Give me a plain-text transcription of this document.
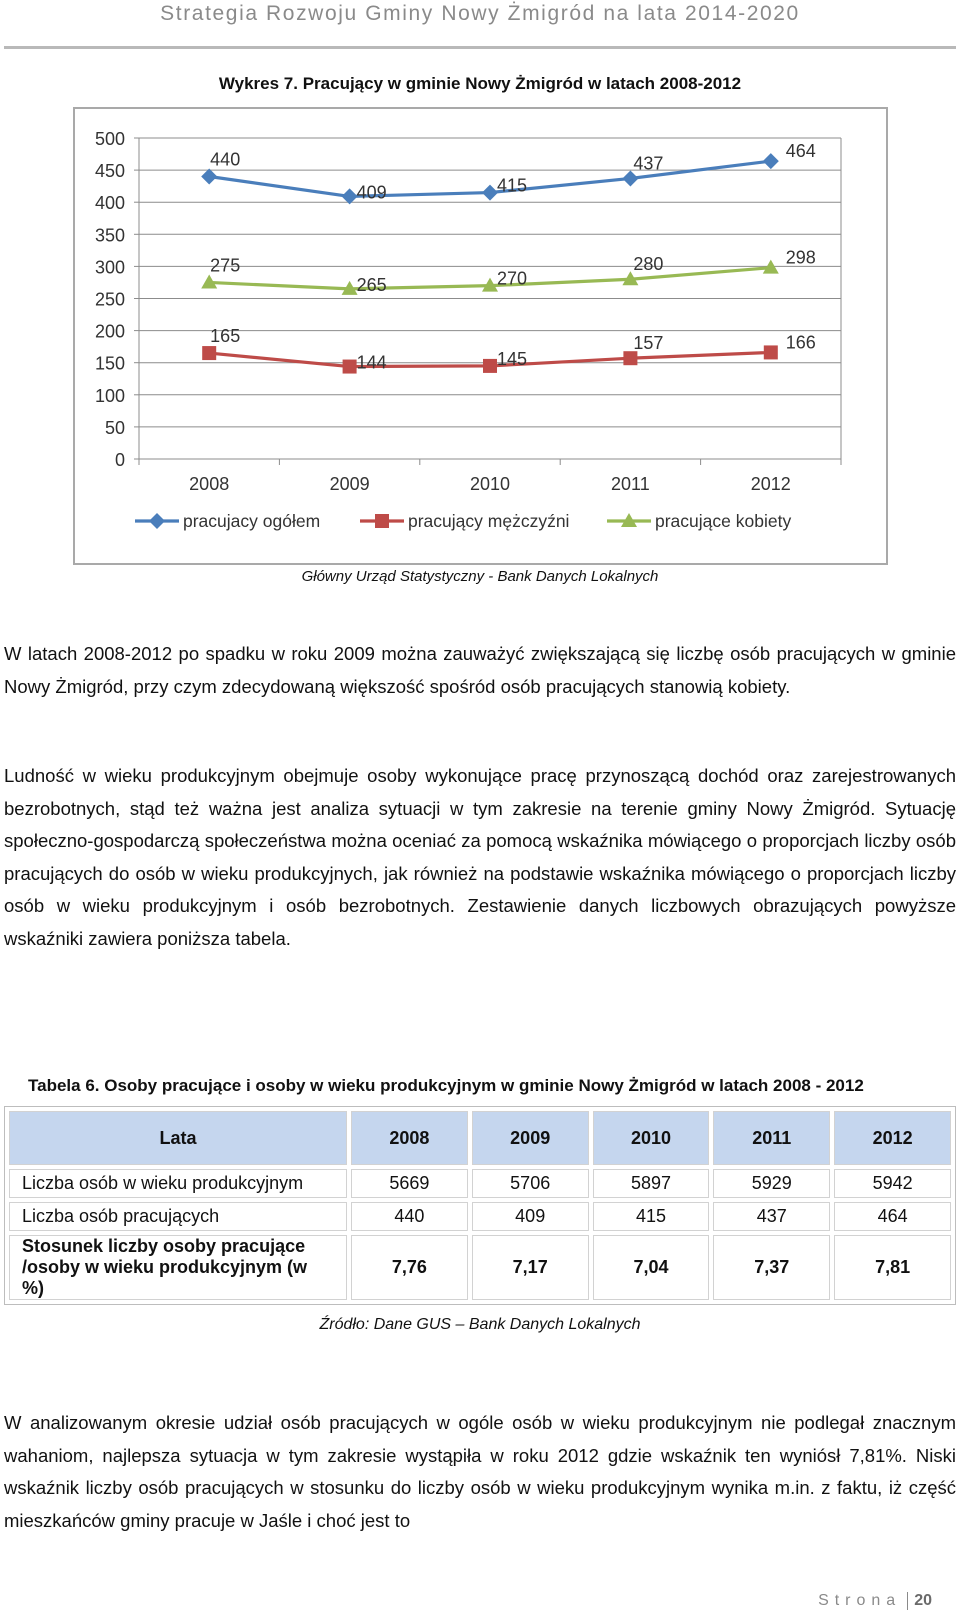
Strategia Rozwoju Gminy Nowy Żmigród na lata 2014-2020
Wykres 7. Pracujący w gminie Nowy Żmigród w latach 2008-2012
0
50
100
150
200
250
300
350
400
450
500
2008	2009	2010	2011	2012
440
409	415
437
464
165
144	145
157	166
275
265	270
280	298
pracujacy ogółem	pracujący mężczyźni	pracujące kobiety
Główny Urząd Statystyczny - Bank Danych Lokalnych

W latach 2008-2012 po spadku w roku 2009 można zauważyć zwiększającą się liczbę osób pracujących w gminie Nowy Żmigród, przy czym zdecydowaną większość spośród osób pracujących stanowią kobiety.

Ludność w wieku produkcyjnym obejmuje osoby wykonujące pracę przynoszącą dochód oraz zarejestrowanych bezrobotnych, stąd też ważna jest analiza sytuacji w tym zakresie na terenie gminy Nowy Żmigród. Sytuację społeczno-gospodarczą społeczeństwa można oceniać za pomocą wskaźnika mówiącego o proporcjach liczby osób pracujących do osób w wieku produkcyjnych, jak również na podstawie wskaźnika mówiącego o proporcjach liczby osób w wieku produkcyjnym i osób bezrobotnych. Zestawienie danych liczbowych obrazujących powyższe wskaźniki zawiera poniższa tabela.

Tabela 6. Osoby pracujące i osoby w wieku produkcyjnym w gminie Nowy Żmigród w latach 2008 - 2012
Lata	2008	2009	2010	2011	2012
Liczba osób w wieku produkcyjnym	5669	5706	5897	5929	5942
Liczba osób pracujących	440	409	415	437	464
Stosunek liczby osoby pracujące
/osoby w wieku produkcyjnym (w %)	7,76	7,17	7,04	7,37	7,81
Źródło: Dane GUS – Bank Danych Lokalnych

W analizowanym okresie udział osób pracujących w ogóle osób w wieku produkcyjnym nie podlegał znacznym wahaniom, najlepsza sytuacja w tym zakresie wystąpiła w roku 2012 gdzie wskaźnik ten wyniósł 7,81%. Niski wskaźnik liczby osób pracujących w stosunku do liczby osób w wieku produkcyjnym wynika m.in. z faktu, iż część mieszkańców gminy pracuje w Jaśle i choć jest to

Strona 20
